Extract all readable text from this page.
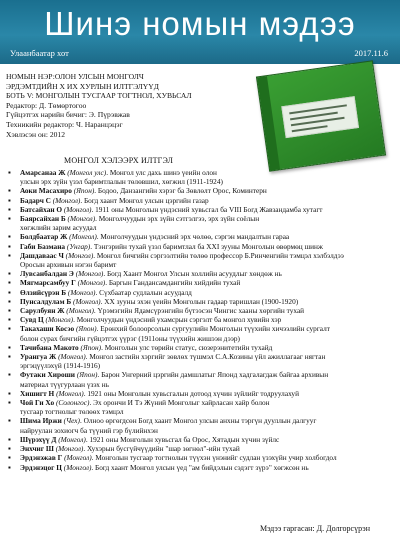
Шинэ номын мэдээ
Улаанбаатар хот	2017.11.6
НОМЫН НЭР:ОЛОН УЛСЫН МОНГОЛЧ
ЭРДЭМТДИЙН Х ИХ ХУРЛЫН ИЛТГЭЛҮҮД
БОТЬ V: МОНГОЛЫН ТУСГААР ТОГТНОЛ, ХУВЬСАЛ
Редактор: Д. Төмөртогоо
Гүйцэтгэх нарийн бичиг: Э. Пүрэвжав
Техникийн редактор: Ч. Наранцэцэг
Хэвлэсэн он: 2012
МОНГОЛ ХЭЛЭЭРХ ИЛТГЭЛ
▪ Амарсанаа Ж (Монгол улс). Монгол улс дахь шинэ үеийн олон
улсын эрх зүйн үзэл баримтлалын төлөвшил, хөгжил (1911-1924)
▪ Аоки Масахиро (Япон). Бодоо, Данзангийн хэрэг ба Зөвлөлт Орос, Коминтерн
▪ Бадарч С (Монгол). Богд хаант Монгол улсын цэргийн газар
▪ Батсайхан О (Монгол). 1911 оны Монголын үндэсний хувьсгал ба VIII Богд Жавзандамба хутагт
▪ Баярсайхан Б (Монгол). Монголчуудын эрх зүйн сэтгэлгээ, эрх зүйн соёлын
хөгжлийн зарим асуудал
▪ Болдбаатар Ж (Монгол). Монголчуудын үндэсний эрх чөлөө, сэргэн мандалтын гараа
▪ Габи Базманa (Унгар). Тэнгэрийн тухай үзэл баримтлал ба XXI зууны Монголын өвөрмөц шинж
▪ Дашдавааc Ч (Монгол). Монгол бичгийн сэргээлтийн төлөө профессор Б.Ринченгийн тэмцэл хэлбэлдээ
Оросын архивын нэгэн баримт
▪ Лувсанбалдан Э (Монгол). Богд Хаант Монгол Улсын холлийн асуудлыг хөндөж нь
▪ Мягмарсамбуу Г (Монгол). Баргын Гандансамдангийн хийдийн тухай
▪ Өлзийсүрэн Б (Монгол). Сүхбаатар судлалын асуудалд
▪ Пунсалдулам Б (Монгол). ХХ зууны эхэн үеийн Монголын гадаар таришлан (1900-1920)
▪ Сарулбуян Ж (Монгол). Үрэмэгийн Ядамсүрэнгийн бүтээсэн Чингис хааны хөргийн тухай
▪ Сувд Ц (Монгол). Монголчуудын үндэсний ухамсрын сэргэлт ба монгол хувийн хэр
▪ Такахаши Косэо (Япон). Ерөнхий болоорсолын сургуулийн Монголын түүхийн хичээлийн сургалт
болон сурах бичгийн гүйцэтгэх үүрэг (1911оны түүхийн жишээн дээр)
▪ Тачибана Макото (Япон). Монголын улс төрийн статус, сюзерэнитетийн тухайд
▪ Урангуа Ж (Монгол). Монгол застийн хэргийг зөвлөх түшмэл С.А.Козины үйл ажиллагааг нягтан
эргэцүүлэхүй (1914-1916)
▪ Футаки Хироши (Япон). Барон Унгерний цэргийн дамшлатыг Японд хадгалагдаж байгаа архивын
материал түүгурлаан үзэх нь
▪ Хишигт Н (Монгол). 1921 оны Монголын хувьсгалын дотоод хүчин зүйлийг тодруулахуй
▪ Чой Ги Хо (Солонгос). Эх орончи И Тэ Жүний Монголыг хайрласан хайр болон
тусгаар тогтнолыг төлөөх тэмцэл
▪ Шима Иржи (Чех). Олноо өргөгдсөн Богд хаант Монгол улсын анхны тэргүн дууллын далгууг
найруулан зохиогч ба түүний гэр бүлийнхэн
▪ Шүрэхүү Д (Монгол). 1921 оны Монголын хувьсгал ба Орос, Хятадын хүчин зүйлс
▪ Энхчиг Ш (Монгол). Хухэрын бусгүйчүүдийн "шар зөгнөл"-ийн тухай
▪ Эрдэнэжав Г (Монгол). Монголын тусгаар тогтнолын түүхэн үнэнийг судлан үзэхүйн учир холбогдол
▪ Эрдэнэцог Ц (Монгол). Богд хаант Монгол улсын үед "ам бийдэлын сэдэгт зүрэ" хөгжсөн нь
Мэдээ гаргасан: Д. Долгорсүрэн
